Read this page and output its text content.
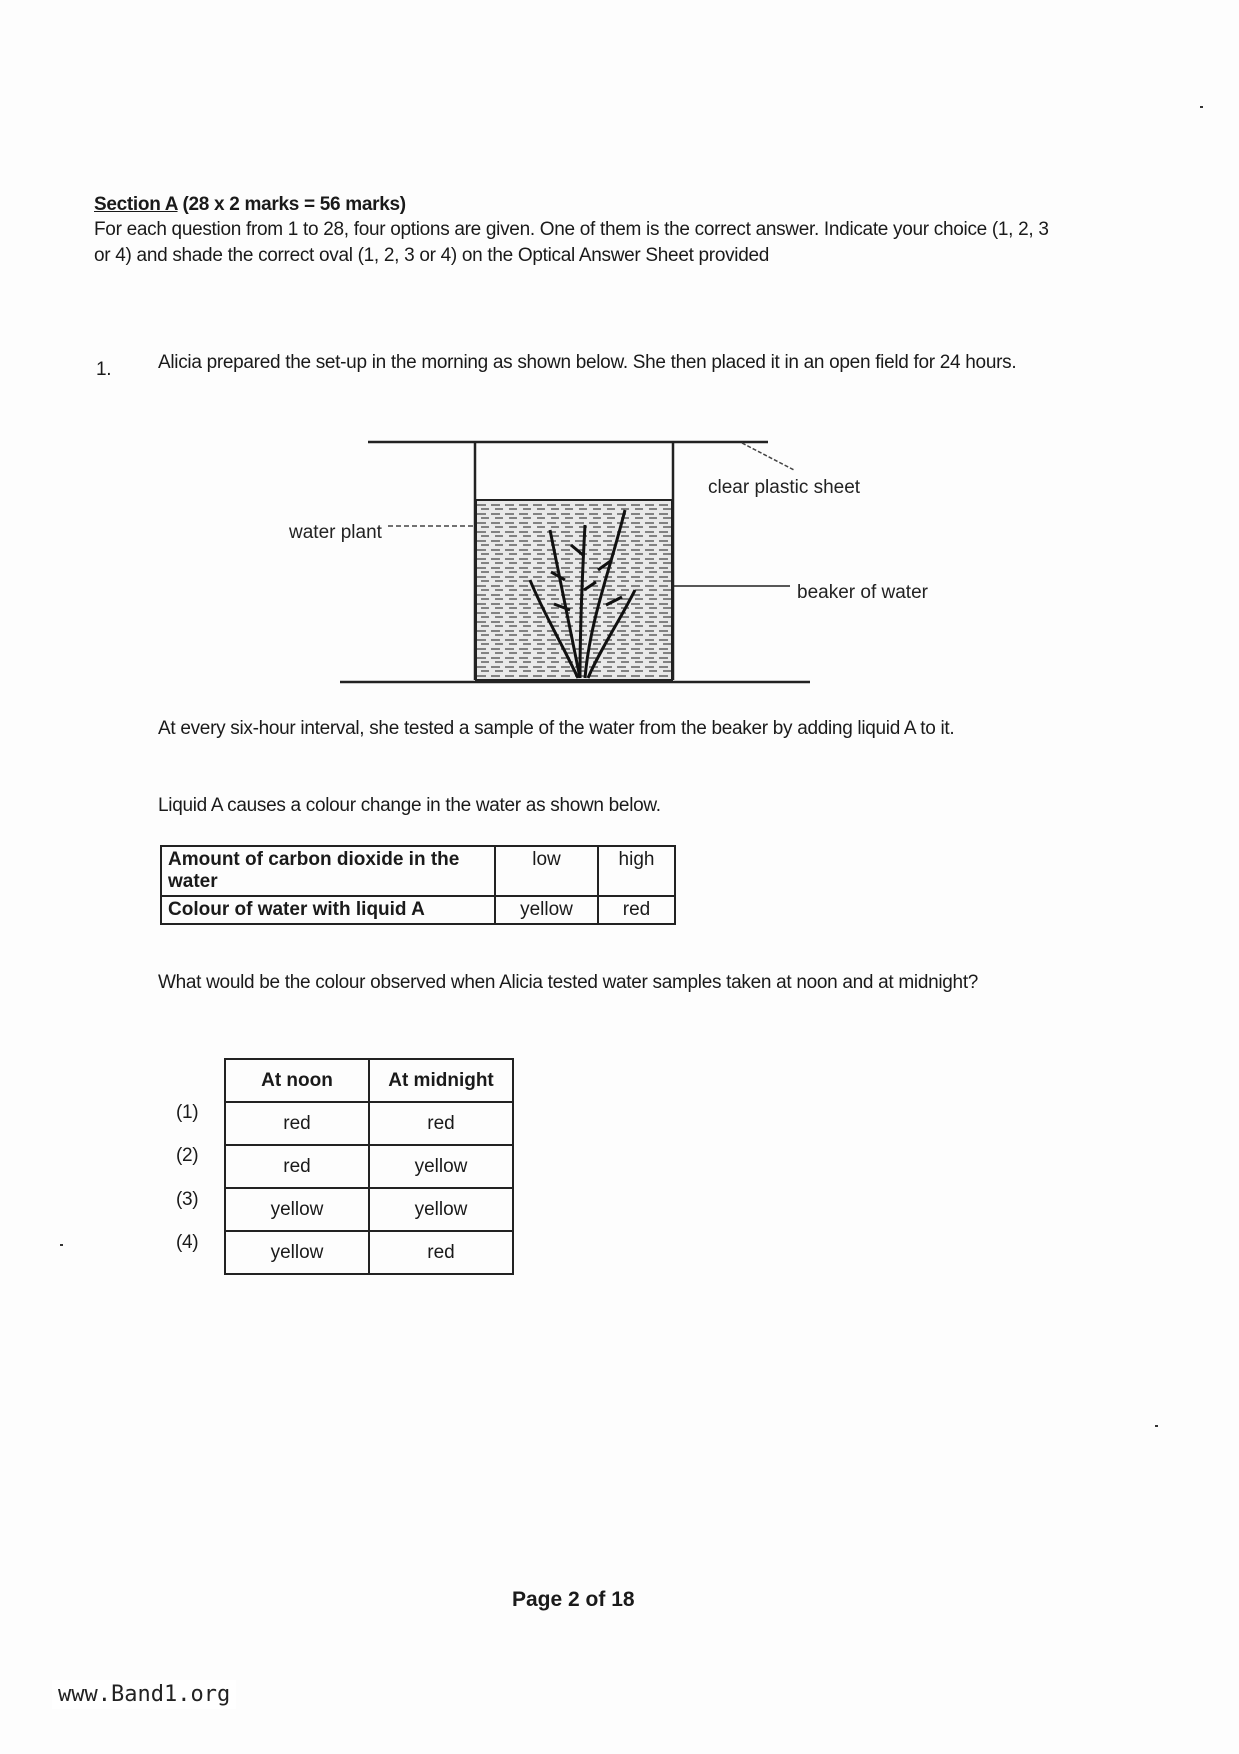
Section A (28 x 2 marks = 56 marks)
For each question from 1 to 28, four options are given. One of them is the correct answer. Indicate your choice (1, 2, 3 or 4) and shade the correct oval (1, 2, 3 or 4) on the Optical Answer Sheet provided
1. Alicia prepared the set-up in the morning as shown below. She then placed it in an open field for 24 hours.
clear plastic sheet
water plant
beaker of water
At every six-hour interval, she tested a sample of the water from the beaker by adding liquid A to it.
Liquid A causes a colour change in the water as shown below.
Amount of carbon dioxide in the water	low	high
Colour of water with liquid A	yellow	red
What would be the colour observed when Alicia tested water samples taken at noon and at midnight?
(1)
(2)
(3)
(4)
At noon	At midnight
red	red
red	yellow
yellow	yellow
yellow	red
Page 2 of 18
www.Band1.org
